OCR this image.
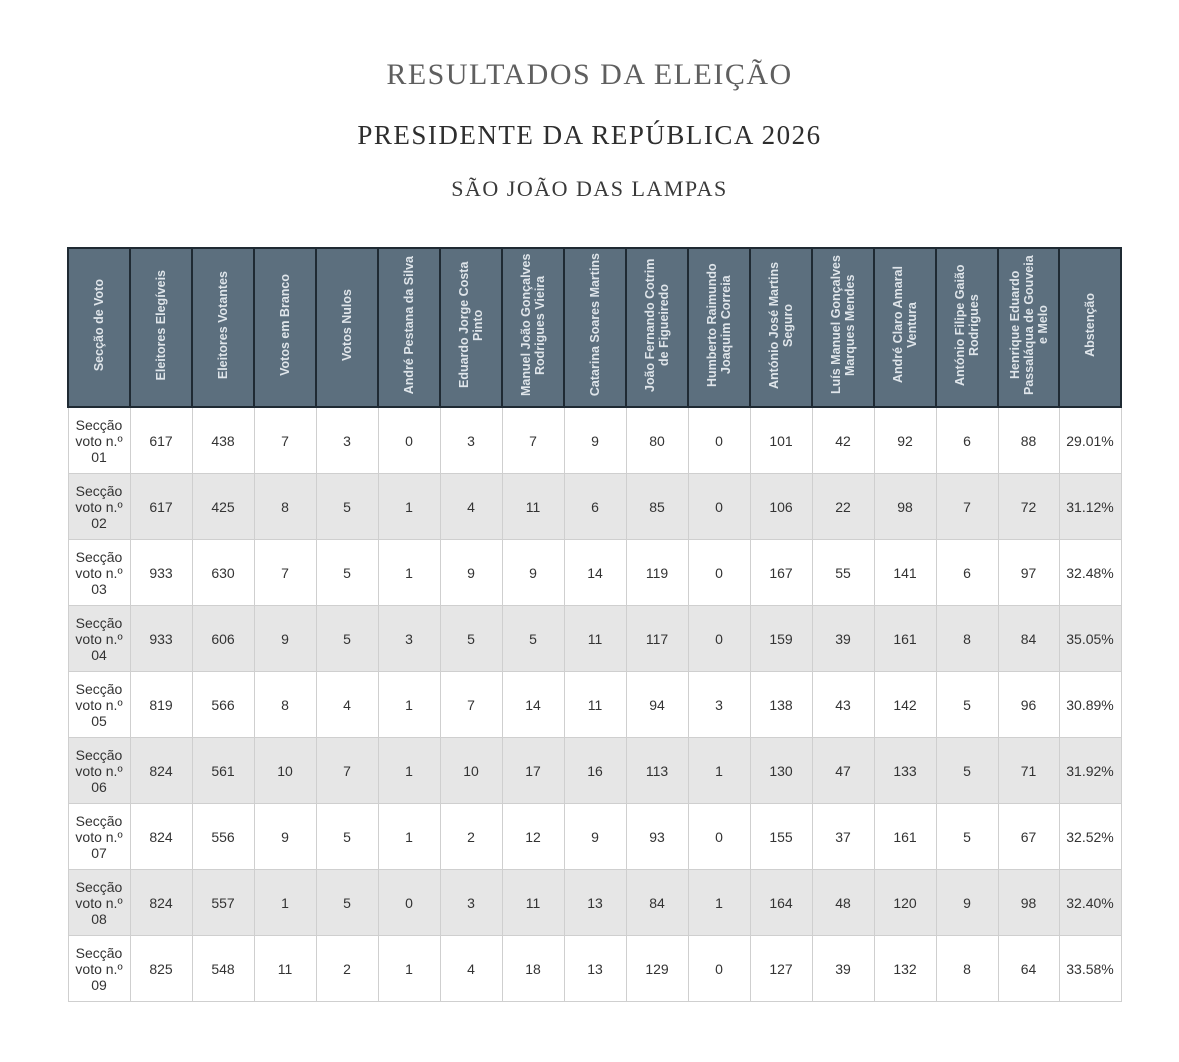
RESULTADOS DA ELEIÇÃO
PRESIDENTE DA REPÚBLICA 2026
SÃO JOÃO DAS LAMPAS
Secção de Voto	Eleitores Elegíveis	Eleitores Votantes	Votos em Branco	Votos Nulos	André Pestana da Silva	Eduardo Jorge Costa Pinto	Manuel João Gonçalves Rodrigues Vieira	Catarina Soares Martins	João Fernando Cotrim de Figueiredo	Humberto Raimundo Joaquim Correia	António José Martins Seguro	Luís Manuel Gonçalves Marques Mendes	André Claro Amaral Ventura	António Filipe Gaião Rodrigues	Henrique Eduardo Passaláqua de Gouveia e Melo	Abstenção
Secção voto n.º 01	617	438	7	3	0	3	7	9	80	0	101	42	92	6	88	29.01%
Secção voto n.º 02	617	425	8	5	1	4	11	6	85	0	106	22	98	7	72	31.12%
Secção voto n.º 03	933	630	7	5	1	9	9	14	119	0	167	55	141	6	97	32.48%
Secção voto n.º 04	933	606	9	5	3	5	5	11	117	0	159	39	161	8	84	35.05%
Secção voto n.º 05	819	566	8	4	1	7	14	11	94	3	138	43	142	5	96	30.89%
Secção voto n.º 06	824	561	10	7	1	10	17	16	113	1	130	47	133	5	71	31.92%
Secção voto n.º 07	824	556	9	5	1	2	12	9	93	0	155	37	161	5	67	32.52%
Secção voto n.º 08	824	557	1	5	0	3	11	13	84	1	164	48	120	9	98	32.40%
Secção voto n.º 09	825	548	11	2	1	4	18	13	129	0	127	39	132	8	64	33.58%
